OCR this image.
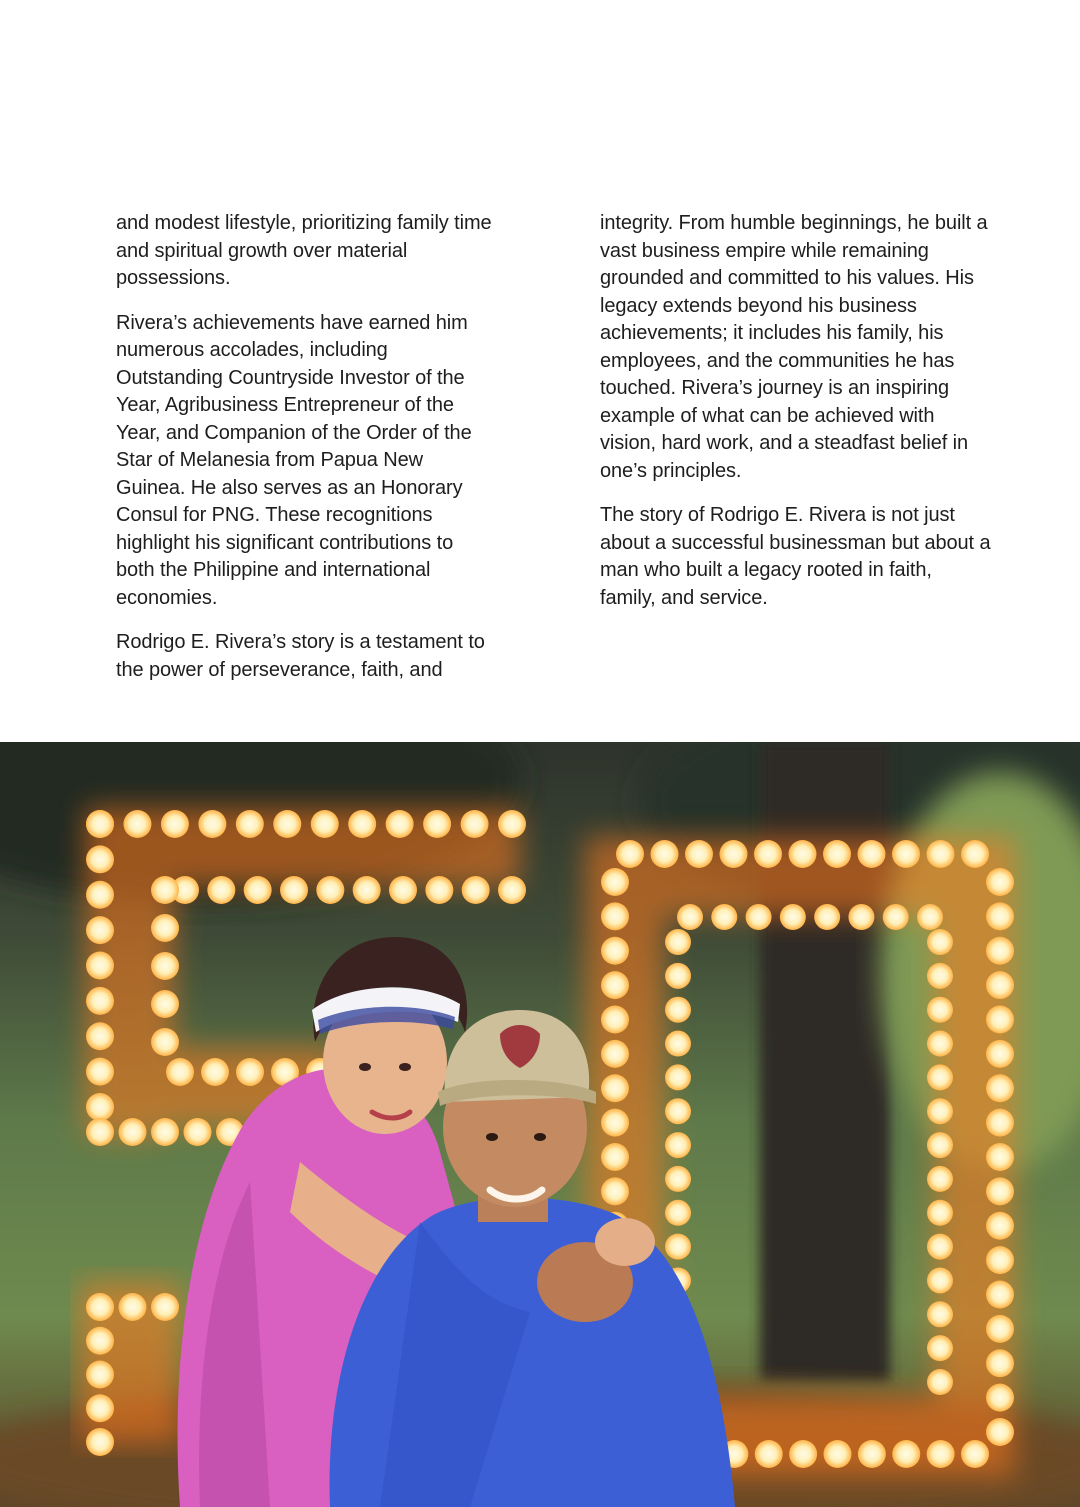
and modest lifestyle, prioritizing family time and spiritual growth over material possessions.

Rivera’s achievements have earned him numerous accolades, including Outstanding Countryside Investor of the Year, Agribusiness Entrepreneur of the Year, and Companion of the Order of the Star of Melanesia from Papua New Guinea. He also serves as an Honorary Consul for PNG. These recognitions highlight his significant contributions to both the Philippine and international economies.

Rodrigo E. Rivera’s story is a testament to the power of perseverance, faith, and

integrity. From humble beginnings, he built a vast business empire while remaining grounded and committed to his values. His legacy extends beyond his business achievements; it includes his family, his employees, and the communities he has touched. Rivera’s journey is an inspiring example of what can be achieved with vision, hard work, and a steadfast belief in one’s principles.

The story of Rodrigo E. Rivera is not just about a successful businessman but about a man who built a legacy rooted in faith, family, and service.
